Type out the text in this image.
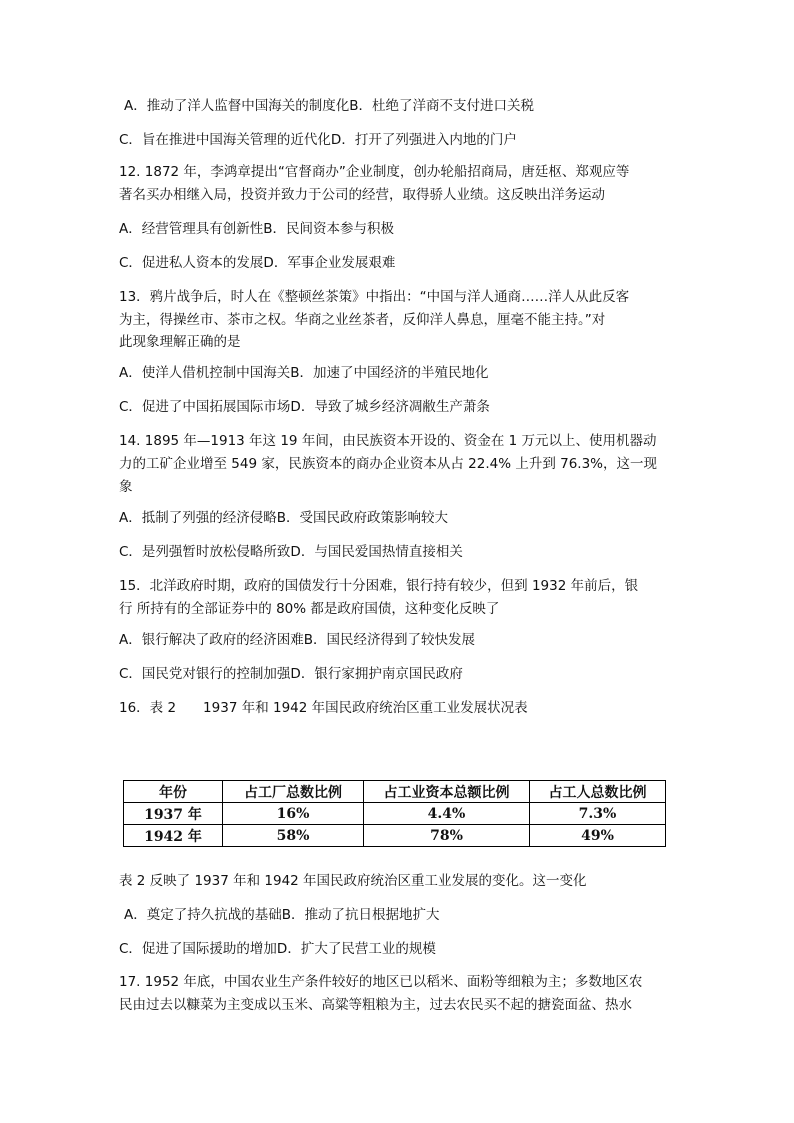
A．推动了洋人监督中国海关的制度化B．杜绝了洋商不支付进口关税
C．旨在推进中国海关管理的近代化D．打开了列强进入内地的门户
12. 1872 年，李鸿章提出“官督商办”企业制度，创办轮船招商局，唐廷枢、郑观应等
著名买办相继入局，投资并致力于公司的经营，取得骄人业绩。这反映出洋务运动
A．经营管理具有创新性B．民间资本参与积极
C．促进私人资本的发展D．军事企业发展艰难
13．鸦片战争后，时人在《整顿丝茶策》中指出：“中国与洋人通商……洋人从此反客
为主，得操丝市、茶市之权。华商之业丝茶者，反仰洋人鼻息，厘毫不能主持。”对
此现象理解正确的是
A．使洋人借机控制中国海关B．加速了中国经济的半殖民地化
C．促进了中国拓展国际市场D．导致了城乡经济凋敝生产萧条
14. 1895 年—1913 年这 19 年间，由民族资本开设的、资金在 1 万元以上、使用机器动
力的工矿企业增至 549 家，民族资本的商办企业资本从占 22.4% 上升到 76.3%，这一现
象
A．抵制了列强的经济侵略B．受国民政府政策影响较大
C．是列强暂时放松侵略所致D．与国民爱国热情直接相关
15．北洋政府时期，政府的国债发行十分困难，银行持有较少，但到 1932 年前后，银
行 所持有的全部证券中的 80% 都是政府国债，这种变化反映了
A．银行解决了政府的经济困难B．国民经济得到了较快发展
C．国民党对银行的控制加强D．银行家拥护南京国民政府
16．表 2　　1937 年和 1942 年国民政府统治区重工业发展状况表
年份	占工厂总数比例	占工业资本总额比例	占工人总数比例
1937 年	16%	4.4%	7.3%
1942 年	58%	78%	49%
表 2 反映了 1937 年和 1942 年国民政府统治区重工业发展的变化。这一变化
A．奠定了持久抗战的基础B．推动了抗日根据地扩大
C．促进了国际援助的增加D．扩大了民营工业的规模
17. 1952 年底，中国农业生产条件较好的地区已以稻米、面粉等细粮为主；多数地区农
民由过去以糠菜为主变成以玉米、高粱等粗粮为主，过去农民买不起的搪瓷面盆、热水
